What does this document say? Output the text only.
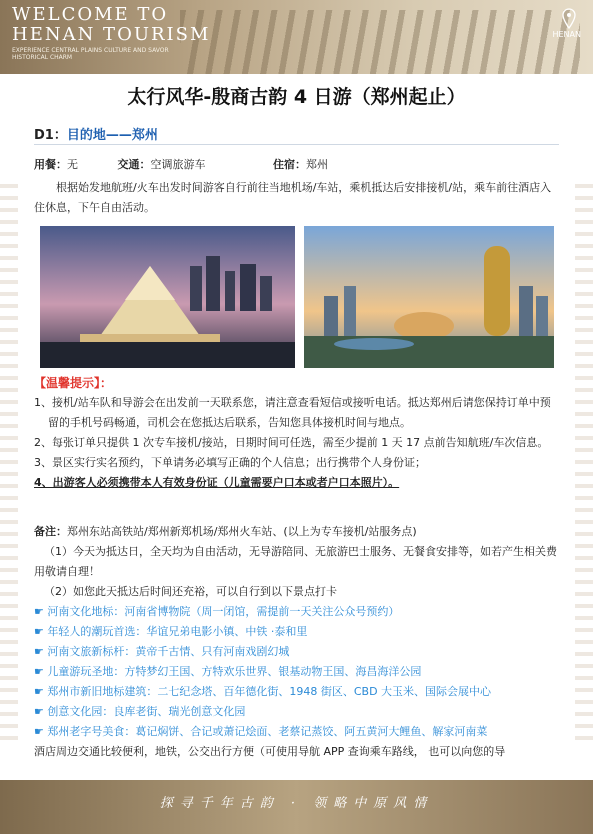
WELCOME TO
HENAN TOURISM
EXPERIENCE CENTRAL PLAINS CULTURE AND SAVOR HISTORICAL CHARM
HENAN
太行风华-殷商古韵 4 日游（郑州起止）
D1：目的地——郑州
用餐：无	交通：空调旅游车	住宿：郑州
根据始发地航班/火车出发时间游客自行前往当地机场/车站，乘机抵达后安排接机/站，乘车前往酒店入住休息，下午自由活动。
【温馨提示】：
1、接机/站车队和导游会在出发前一天联系您，请注意查看短信或接听电话。抵达郑州后请您保持订单中预留的手机号码畅通，司机会在您抵达后联系，告知您具体接机时间与地点。
2、每张订单只提供 1 次专车接机/接站，日期时间可任选，需至少提前 1 天 17 点前告知航班/车次信息。
3、景区实行实名预约，下单请务必填写正确的个人信息；出行携带个人身份证；
4、出游客人必须携带本人有效身份证（儿童需要户口本或者户口本照片）。
备注：郑州东站高铁站/郑州新郑机场/郑州火车站、(以上为专车接机/站服务点)
（1）今天为抵达日，全天均为自由活动，无导游陪同、无旅游巴士服务、无餐食安排等，如若产生相关费用敬请自理！
（2）如您此天抵达后时间还充裕，可以自行到以下景点打卡
☛ 河南文化地标：河南省博物院（周一闭馆，需提前一天关注公众号预约）
☛ 年轻人的潮玩首选：华谊兄弟电影小镇、中铁 ·泰和里
☛ 河南文旅新标杆：黄帝千古情、只有河南戏剧幻城
☛ 儿童游玩圣地：方特梦幻王国、方特欢乐世界、银基动物王国、海昌海洋公园
☛ 郑州市新旧地标建筑：二七纪念塔、百年德化街、1948 街区、CBD 大玉米、国际会展中心
☛ 创意文化园：良库老街、瑞光创意文化园
☛ 郑州老字号美食：葛记焖饼、合记或萧记烩面、老蔡记蒸饺、阿五黄河大鲤鱼、解家河南菜
酒店周边交通比较便利，地铁，公交出行方便（可使用导航 APP 查询乘车路线， 也可以向您的导
探寻千年古韵 · 领略中原风情
